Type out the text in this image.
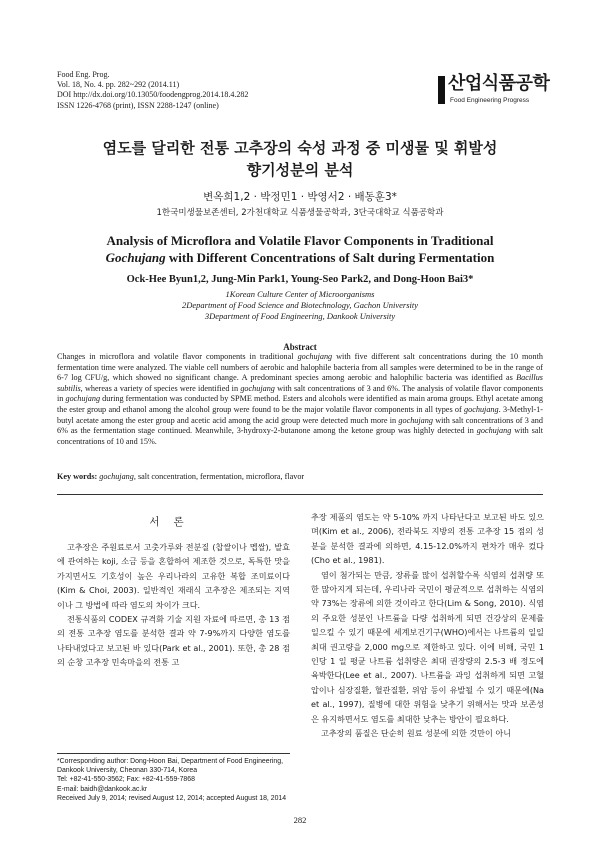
Food Eng. Prog.
Vol. 18, No. 4. pp. 282~292 (2014.11)
DOI http://dx.doi.org/10.13050/foodengprog.2014.18.4.282
ISSN 1226-4768 (print), ISSN 2288-1247 (online)
산업식품공학
Food Engineering Progress
염도를 달리한 전통 고추장의 숙성 과정 중 미생물 및 휘발성
향기성분의 분석
변옥희1,2 · 박정민1 · 박영서2 · 배동훈3*
1한국미생물보존센터, 2가천대학교 식품생물공학과, 3단국대학교 식품공학과
Analysis of Microflora and Volatile Flavor Components in Traditional
Gochujang with Different Concentrations of Salt during Fermentation
Ock-Hee Byun1,2, Jung-Min Park1, Young-Seo Park2, and Dong-Hoon Bai3*
1Korean Culture Center of Microorganisms
2Department of Food Science and Biotechnology, Gachon University
3Department of Food Engineering, Dankook University
Abstract
Changes in microflora and volatile flavor components in traditional gochujang with five different salt concentrations during the 10 month fermentation time were analyzed. The viable cell numbers of aerobic and halophile bacteria from all samples were determined to be in the range of 6-7 log CFU/g, which showed no significant change. A predominant species among aerobic and halophilic bacteria was identified as Bacillus subtilis, whereas a variety of species were identified in gochujang with salt concentrations of 3 and 6%. The analysis of volatile flavor components in gochujang during fermentation was conducted by SPME method. Esters and alcohols were identified as main aroma groups. Ethyl acetate among the ester group and ethanol among the alcohol group were found to be the major volatile flavor components in all types of gochujang. 3-Methyl-1-butyl acetate among the ester group and acetic acid among the acid group were detected much more in gochujang with salt concentrations of 3 and 6% as the fermentation stage continued. Meanwhile, 3-hydroxy-2-butanone among the ketone group was highly detected in gochujang with salt concentrations of 10 and 15%.
Key words: gochujang, salt concentration, fermentation, microflora, flavor
서론

고추장은 주원료로서 고춧가루와 전분질 (찹쌀이나 멥쌀), 발효에 관여하는 koji, 소금 등을 혼합하여 제조한 것으로, 독특한 맛을 가지면서도 기호성이 높은 우리나라의 고유한 복합 조미료이다(Kim & Choi, 2003). 일반적인 재래식 고추장은 제조되는 지역이나 그 방법에 따라 염도의 차이가 크다.

전통식품의 CODEX 규격화 기술 지원 자료에 따르면, 총 13 점의 전통 고추장 염도를 분석한 결과 약 7-9%까지 다양한 염도를 나타내었다고 보고된 바 있다(Park et al., 2001). 또한, 총 28 점의 순창 고추장 민속마을의 전통 고

추장 제품의 염도는 약 5-10% 까지 나타난다고 보고된 바도 있으며(Kim et al., 2006), 전라북도 지방의 전통 고추장 15 점의 성분을 분석한 결과에 의하면, 4.15-12.0%까지 편차가 매우 컸다(Cho et al., 1981).

염이 첨가되는 만큼, 장류를 많이 섭취할수록 식염의 섭취량 또한 많아지게 되는데, 우리나라 국민이 평균적으로 섭취하는 식염의 약 73%는 장류에 의한 것이라고 한다(Lim & Song, 2010). 식염의 주요한 성분인 나트륨을 다량 섭취하게 되면 건강상의 문제를 일으킬 수 있기 때문에 세계보건기구(WHO)에서는 나트륨의 일일 최대 권고량을 2,000 mg으로 제한하고 있다. 이에 비해, 국민 1 인당 1 일 평균 나트륨 섭취량은 최대 권장량의 2.5-3 배 정도에 육박한다(Lee et al., 2007). 나트륨을 과잉 섭취하게 되면 고혈압이나 심장질환, 혈관질환, 위암 등이 유발될 수 있기 때문에(Na et al., 1997), 질병에 대한 위험을 낮추기 위해서는 맛과 보존성은 유지하면서도 염도를 최대한 낮추는 방안이 필요하다.

고추장의 품질은 단순히 원료 성분에 의한 것만이 아니

*Corresponding author: Dong-Hoon Bai, Department of Food Engineering, Dankook University, Cheonan 330-714, Korea
Tel: +82-41-550-3562; Fax: +82-41-559-7868
E-mail: baidh@dankook.ac.kr
Received July 9, 2014; revised August 12, 2014; accepted August 18, 2014
282
